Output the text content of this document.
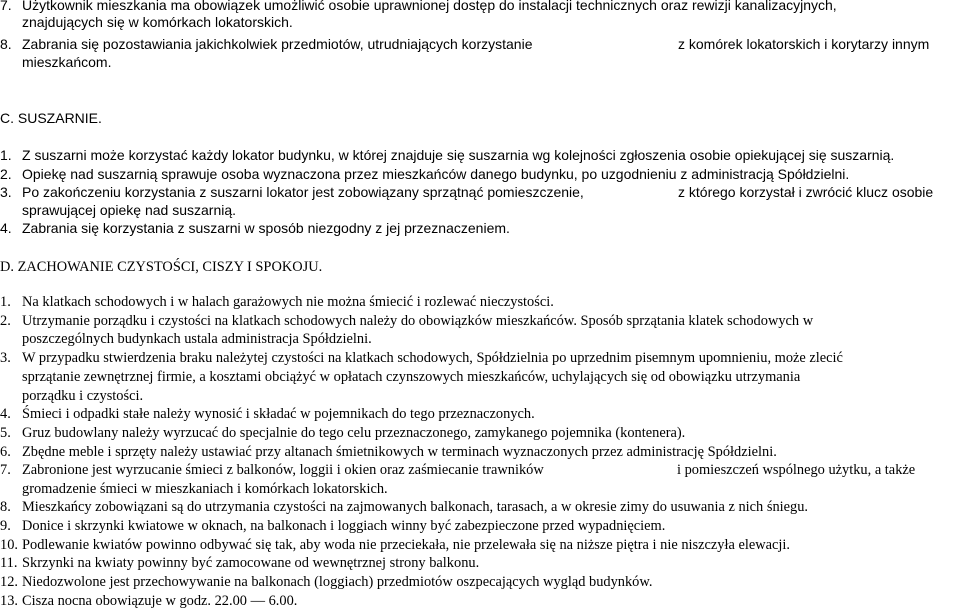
7. Użytkownik mieszkania ma obowiązek umożliwić osobie uprawnionej dostęp do instalacji technicznych oraz rewizji kanalizacyjnych,
znajdujących się w komórkach lokatorskich.
8. Zabrania się pozostawiania jakichkolwiek przedmiotów, utrudniających korzystanie	z komórek lokatorskich i korytarzy innym
mieszkańcom.
C. SUSZARNIE.
1. Z suszarni może korzystać każdy lokator budynku, w której znajduje się suszarnia wg kolejności zgłoszenia osobie opiekującej się suszarnią.
2. Opiekę nad suszarnią sprawuje osoba wyznaczona przez mieszkańców danego budynku, po uzgodnieniu z administracją Spółdzielni.
3. Po zakończeniu korzystania z suszarni lokator jest zobowiązany sprzątnąć pomieszczenie,	z którego korzystał i zwrócić klucz osobie
sprawującej opiekę nad suszarnią.
4. Zabrania się korzystania z suszarni w sposób niezgodny z jej przeznaczeniem.
D. ZACHOWANIE CZYSTOŚCI, CISZY I SPOKOJU.
1. Na klatkach schodowych i w halach garażowych nie można śmiecić i rozlewać nieczystości.
2. Utrzymanie porządku i czystości na klatkach schodowych należy do obowiązków mieszkańców. Sposób sprzątania klatek schodowych w
poszczególnych budynkach ustala administracja Spółdzielni.
3. W przypadku stwierdzenia braku należytej czystości na klatkach schodowych, Spółdzielnia po uprzednim pisemnym upomnieniu, może zlecić
sprzątanie zewnętrznej firmie, a kosztami obciążyć w opłatach czynszowych mieszkańców, uchylających się od obowiązku utrzymania
porządku i czystości.
4. Śmieci i odpadki stałe należy wynosić i składać w pojemnikach do tego przeznaczonych.
5. Gruz budowlany należy wyrzucać do specjalnie do tego celu przeznaczonego, zamykanego pojemnika (kontenera).
6. Zbędne meble i sprzęty należy ustawiać przy altanach śmietnikowych w terminach wyznaczonych przez administrację Spółdzielni.
7. Zabronione jest wyrzucanie śmieci z balkonów, loggii i okien oraz zaśmiecanie trawników	i pomieszczeń wspólnego użytku, a także
gromadzenie śmieci w mieszkaniach i komórkach lokatorskich.
8. Mieszkańcy zobowiązani są do utrzymania czystości na zajmowanych balkonach, tarasach, a w okresie zimy do usuwania z nich śniegu.
9. Donice i skrzynki kwiatowe w oknach, na balkonach i loggiach winny być zabezpieczone przed wypadnięciem.
10. Podlewanie kwiatów powinno odbywać się tak, aby woda nie przeciekała, nie przelewała się na niższe piętra i nie niszczyła elewacji.
11. Skrzynki na kwiaty powinny być zamocowane od wewnętrznej strony balkonu.
12. Niedozwolone jest przechowywanie na balkonach (loggiach) przedmiotów oszpecających wygląd budynków.
13. Cisza nocna obowiązuje w godz. 22.00 — 6.00.
